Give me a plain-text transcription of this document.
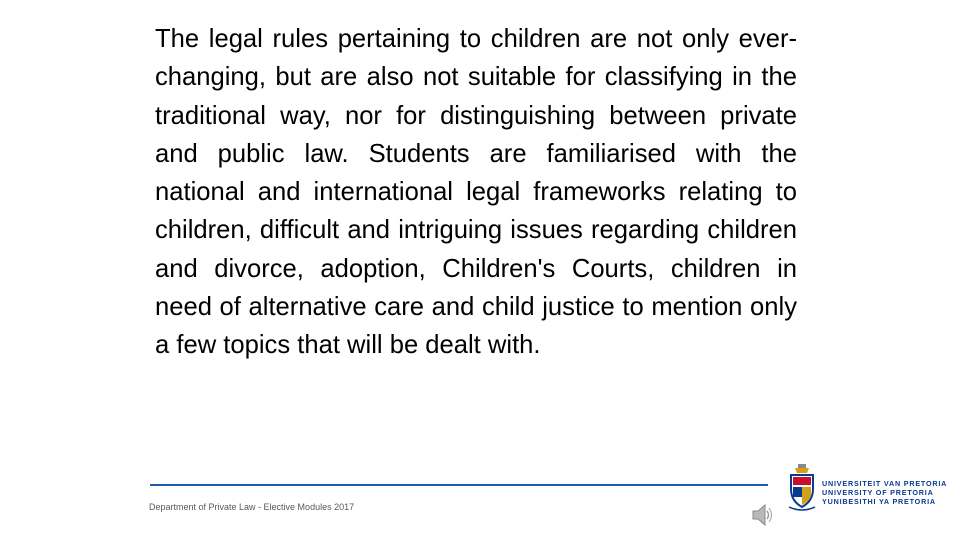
The legal rules pertaining to children are not only ever-changing, but are also not suitable for classifying in the traditional way, nor for distinguishing between private and public law. Students are familiarised with the national and international legal frameworks relating to children, difficult and intriguing issues regarding children and divorce, adoption, Children's Courts, children in need of alternative care and child justice to mention only a few topics that will be dealt with.

Department of Private Law - Elective Modules 2017
UNIVERSITEIT VAN PRETORIA
UNIVERSITY OF PRETORIA
YUNIBESITHI YA PRETORIA
